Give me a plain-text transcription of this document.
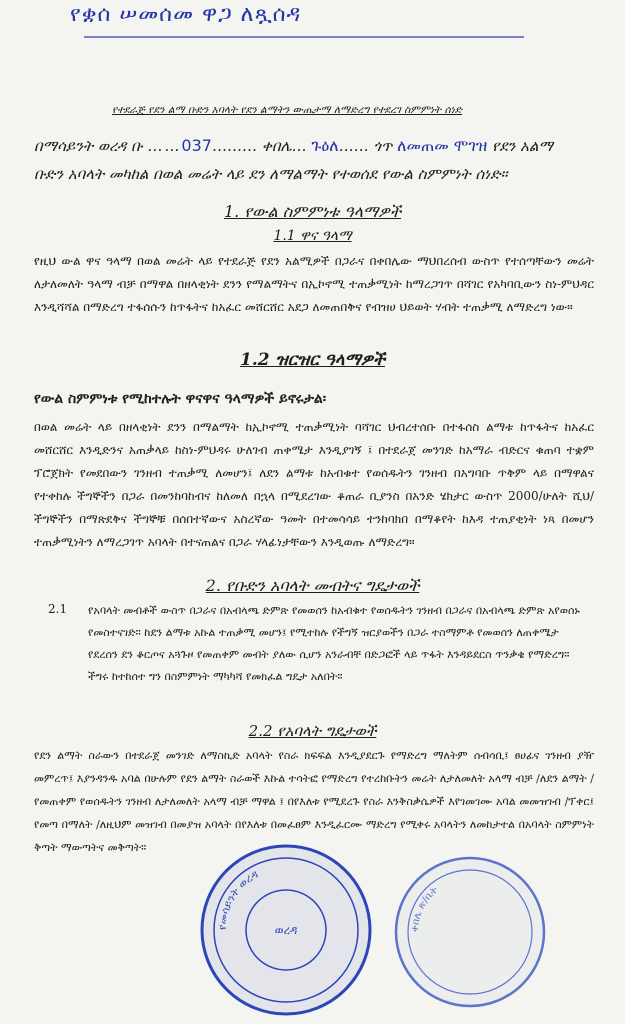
የቋሰ ሠመሰመ ዋጋ ለጿሰዳ
የተደራጅ የደን ልማ ቡድን አባላት የደን ልማትን ውጤታማ ለማድረግ የተደረገ ስምምነት ሰነድ
በማሳይንት ወረዳ ቡ ……037……… ቀበሌ… ጉዕለ…… ጎጥ ለመጠመ ሞገዝ የደን አልማ
ቡድን አባላት መካከል በወል መሬት ላይ ደን ለማልማት የተወሰደ የውል ስምምነት ሰነድ።
1. የውል ስምምነቱ ዓላማዎች
1.1 ዋና ዓላማ
የዚህ ውል ዋና ዓላማ በወል መሬት ላይ የተደራጅ የደን አልሚዎች በጋራና በቀበሌው ማህበረሰብ ውስጥ የተሰጣቸውን መሬት ለታለመለት ዓላማ ብቻ በማዋል በዘላቂነት ደንን የማልማትና በኢኮኖሚ ተጠቃሚነት ከማረጋገጥ በሻገር የአካባቢውን ስነ-ምህዳር እንዲሻሻል በማድረግ ተፋሰሱን ከጥፋትና ከአፈር መሸርሸር አደጋ ለመጠበቅና የብዝሀ ህይወት ሃብት ተጠቃሚ ለማድረግ ነው።
1.2 ዝርዝር ዓላማዎች
የውል ስምምነቱ የሚከተሉት ዋናዋና ዓላማዎች ይኖሩታል፡
በወል መሬት ላይ በዘላቂነት ደንን በማልማት ከኢኮኖሚ ተጠቃሚነት ባሻገር ህብረተሰቡ በተፋሰስ ልማቱ ከጥፋትና ከአፈር መሸርሸር እንዲድንና አጠቃላይ ከስነ-ምህዳሩ ሁለገብ ጠቀሜታ እንዲያገኝ ፤ በተደራጀ መንገድ ከአማራ ብድርና ቁጠባ ተቋም ፕሮጀክት የመደበውን ገንዘብ ተጠቃሚ ለመሆን፤ ለደን ልማቱ ከአብቁተ የወሰዱትን ገንዘብ በአግባቡ ጥቅም ላይ በማዋልና የተቀከሉ ችግኞችን በጋራ በመንከባከብና ከለመለ በኋላ በሚደረገው ቆጠራ ቢያንስ በአንድ ሄክታር ውስጥ 2000/ሁለት ሺህ/ ችግኞችን በማጽደቅና ችግኞቹ በሰበተኛውና አስረኛው ዓመት በተመሳሳይ ተንከባክበ በማቆየት ከእዳ ተጠያቂነት ነጻ በመሆን ተጠቃሚነትን ለማረጋገጥ አባላት በተናጠልና በጋራ ሃላፊነታቸውን እንዲወጡ ለማድረግ።
2. የቡድን አባላት መብትና ግዴታወች
2.1 የአባላት መብቶች ውስጥ በጋራና በአብላጫ ድምጽ የመወሰን ከአብቁተ የወሰዱትን ገንዘብ በጋራና በአብላጫ ድምጽ አየወሰኑ የመስተናገድ። ከደን ልማቱ አኩል ተጠቃሚ መሆን፤ የሚተከሉ የችግኝ ዝርያወችን በጋራ ተስማምቶ የመወሰን ለጠቀሜታ የደረሰን ደን ቆርጦና አጓጉዞ የመጠቀም መብት ያለው ሲሆን አንራብቸ በድጋፎች ላይ ጥፋት እንዳይደርስ ጥንቃቄ የማድረግ። ችግሩ ከተከሰተ ግን በስምምነት ማካካሻ የመክፈል ግዴታ አለበት።
2.2 የአባላት ግዴታወች
የደን ልማት ስራውን በተደራጀ መንገድ ለማስኪድ አባላት የስራ ክፍፍል እንዲያደርጉ የማድረግ ማለትም ሰብሳቢ፤ ፀሀፊና ገንዘብ ያዥ መምረጥ፤ እያንዳንዱ አባል በሁሉም የደን ልማት ስራወች እኩል ተሳትፎ የማድረግ የተረከቡትን መሬት ለታለመለት አላማ ብቻ /ለደን ልማት /የመጠቀም የወሰዱትን ገንዘብ ለታለመለት አላማ ብቻ ማዋል ፤ በየእለቱ የሚደረጉ የስራ እንቅስቃሴዎች እየገመገሙ አባል መመዝገብ /ፕቀር፤ የመጣ በማለት /ለዚህም መዝገብ በመያዝ አባላት በየእለቱ በመፈፀም እንዲፈርሙ ማድረግ የሚቀሩ አባላትን ለመከታተል በአባላት ስምምነት ቅጣት ማውጣትና መቅጣት።
የመሳይንት ወረዳ
ወረዳ	ቀበሌ ጽ/ቤት
